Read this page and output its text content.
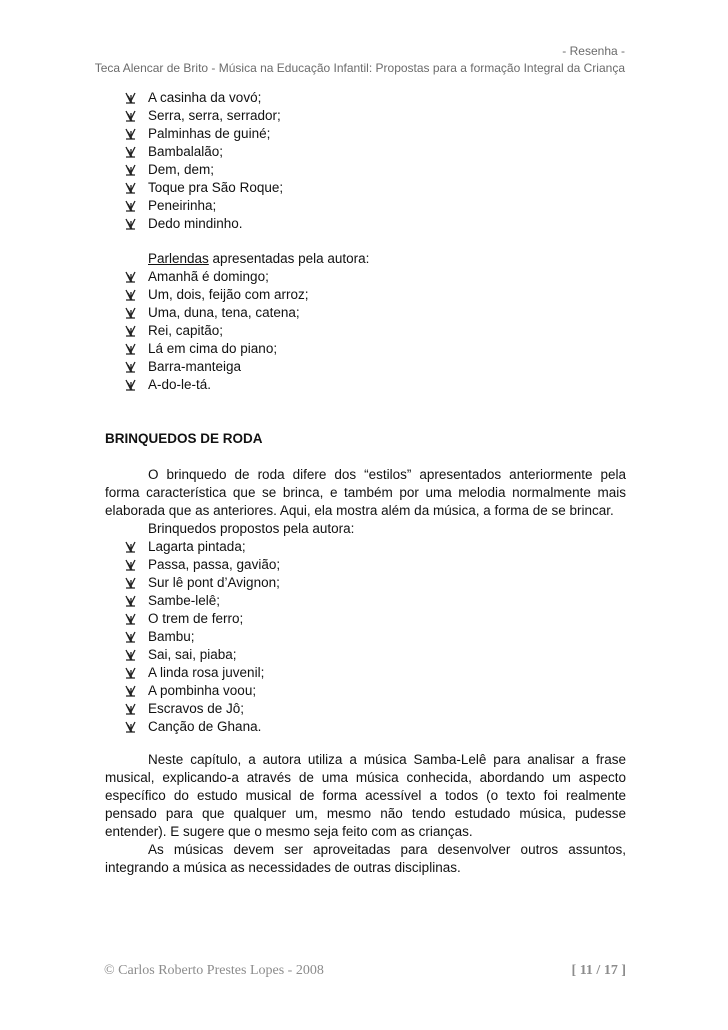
- Resenha -
Teca Alencar de Brito - Música na Educação Infantil: Propostas para a formação Integral da Criança
A casinha da vovó;
Serra, serra, serrador;
Palminhas de guiné;
Bambalalão;
Dem, dem;
Toque pra São Roque;
Peneirinha;
Dedo mindinho.
Parlendas apresentadas pela autora:
Amanhã é domingo;
Um, dois, feijão com arroz;
Uma, duna, tena, catena;
Rei, capitão;
Lá em cima do piano;
Barra-manteiga
A-do-le-tá.
BRINQUEDOS DE RODA
O brinquedo de roda difere dos “estilos” apresentados anteriormente pela forma característica que se brinca, e também por uma melodia normalmente mais elaborada que as anteriores. Aqui, ela mostra além da música, a forma de se brincar.
Brinquedos propostos pela autora:
Lagarta pintada;
Passa, passa, gavião;
Sur lê pont d’Avignon;
Sambe-lelê;
O trem de ferro;
Bambu;
Sai, sai, piaba;
A linda rosa juvenil;
A pombinha voou;
Escravos de Jô;
Canção de Ghana.
Neste capítulo, a autora utiliza a música Samba-Lelê para analisar a frase musical, explicando-a através de uma música conhecida, abordando um aspecto específico do estudo musical de forma acessível a todos (o texto foi realmente pensado para que qualquer um, mesmo não tendo estudado música, pudesse entender). E sugere que o mesmo seja feito com as crianças.
As músicas devem ser aproveitadas para desenvolver outros assuntos, integrando a música as necessidades de outras disciplinas.
© Carlos Roberto Prestes Lopes - 2008	[ 11 / 17 ]
